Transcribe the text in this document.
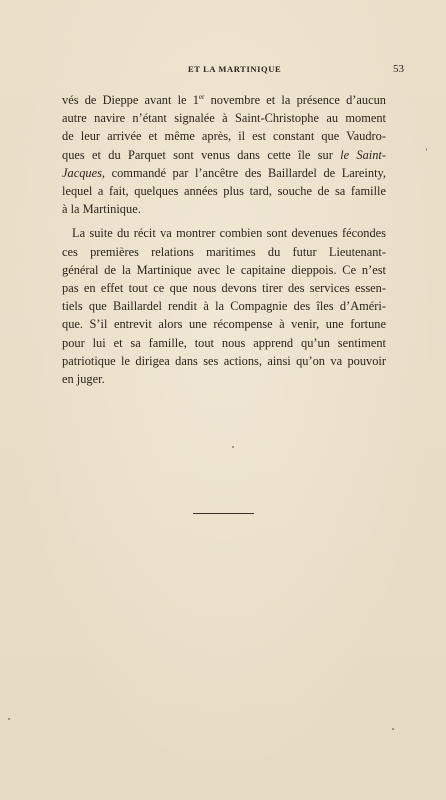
ET LA MARTINIQUE	53
vés de Dieppe avant le 1er novembre et la présence d’aucun
autre navire n’étant signalée à Saint-Christophe au moment
de leur arrivée et même après, il est constant que Vaudro-
ques et du Parquet sont venus dans cette île sur le Saint-
Jacques, commandé par l’ancêtre des Baillardel de Lareinty,
lequel a fait, quelques années plus tard, souche de sa famille
à la Martinique.
La suite du récit va montrer combien sont devenues fécondes
ces premières relations maritimes du futur Lieutenant-
général de la Martinique avec le capitaine dieppois. Ce n’est
pas en effet tout ce que nous devons tirer des services essen-
tiels que Baillardel rendit à la Compagnie des îles d’Améri-
que. S’il entrevit alors une récompense à venir, une fortune
pour lui et sa famille, tout nous apprend qu’un sentiment
patriotique le dirigea dans ses actions, ainsi qu’on va pouvoir
en juger.
